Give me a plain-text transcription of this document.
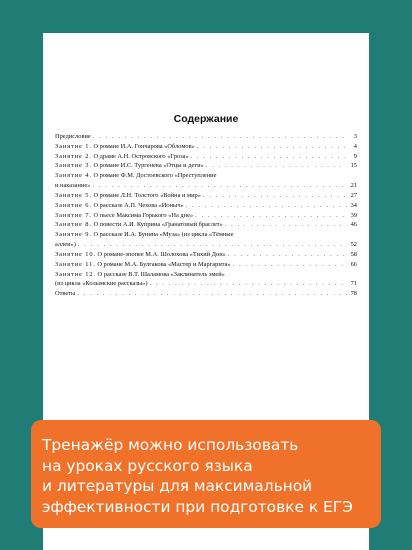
Содержание
Предисловие . . .	3
Занятие 1. О романе И.А. Гончарова «Обломов» . . .	4
Занятие 2. О драме А.Н. Островского «Гроза» . . .	9
Занятие 3. О романе И.С. Тургенева «Отцы и дети» . . .	15
Занятие 4. О романе Ф.М. Достоевского «Преступление
и наказание» . . .	21
Занятие 5. О романе Л.Н. Толстого «Война и мир» . . .	27
Занятие 6. О рассказе А.П. Чехова «Ионыч» . . .	34
Занятие 7. О пьесе Максима Горького «На дне» . . .	39
Занятие 8. О повести А.И. Куприна «Гранатовый браслет» . . .	46
Занятие 9. О рассказе И.А. Бунина «Муза» (из цикла «Тёмные
аллеи») . . .	52
Занятие 10. О романе-эпопее М.А. Шолохова «Тихий Дон» . . .	58
Занятие 11. О романе М.А. Булгакова «Мастер и Маргарита» . . .	66
Занятие 12. О рассказе В.Т. Шаламова «Заклинатель змей»
(из цикла «Колымские рассказы») . . .	71
Ответы . . .	78

Тренажёр можно использовать
на уроках русского языка
и литературы для максимальной
эффективности при подготовке к ЕГЭ
